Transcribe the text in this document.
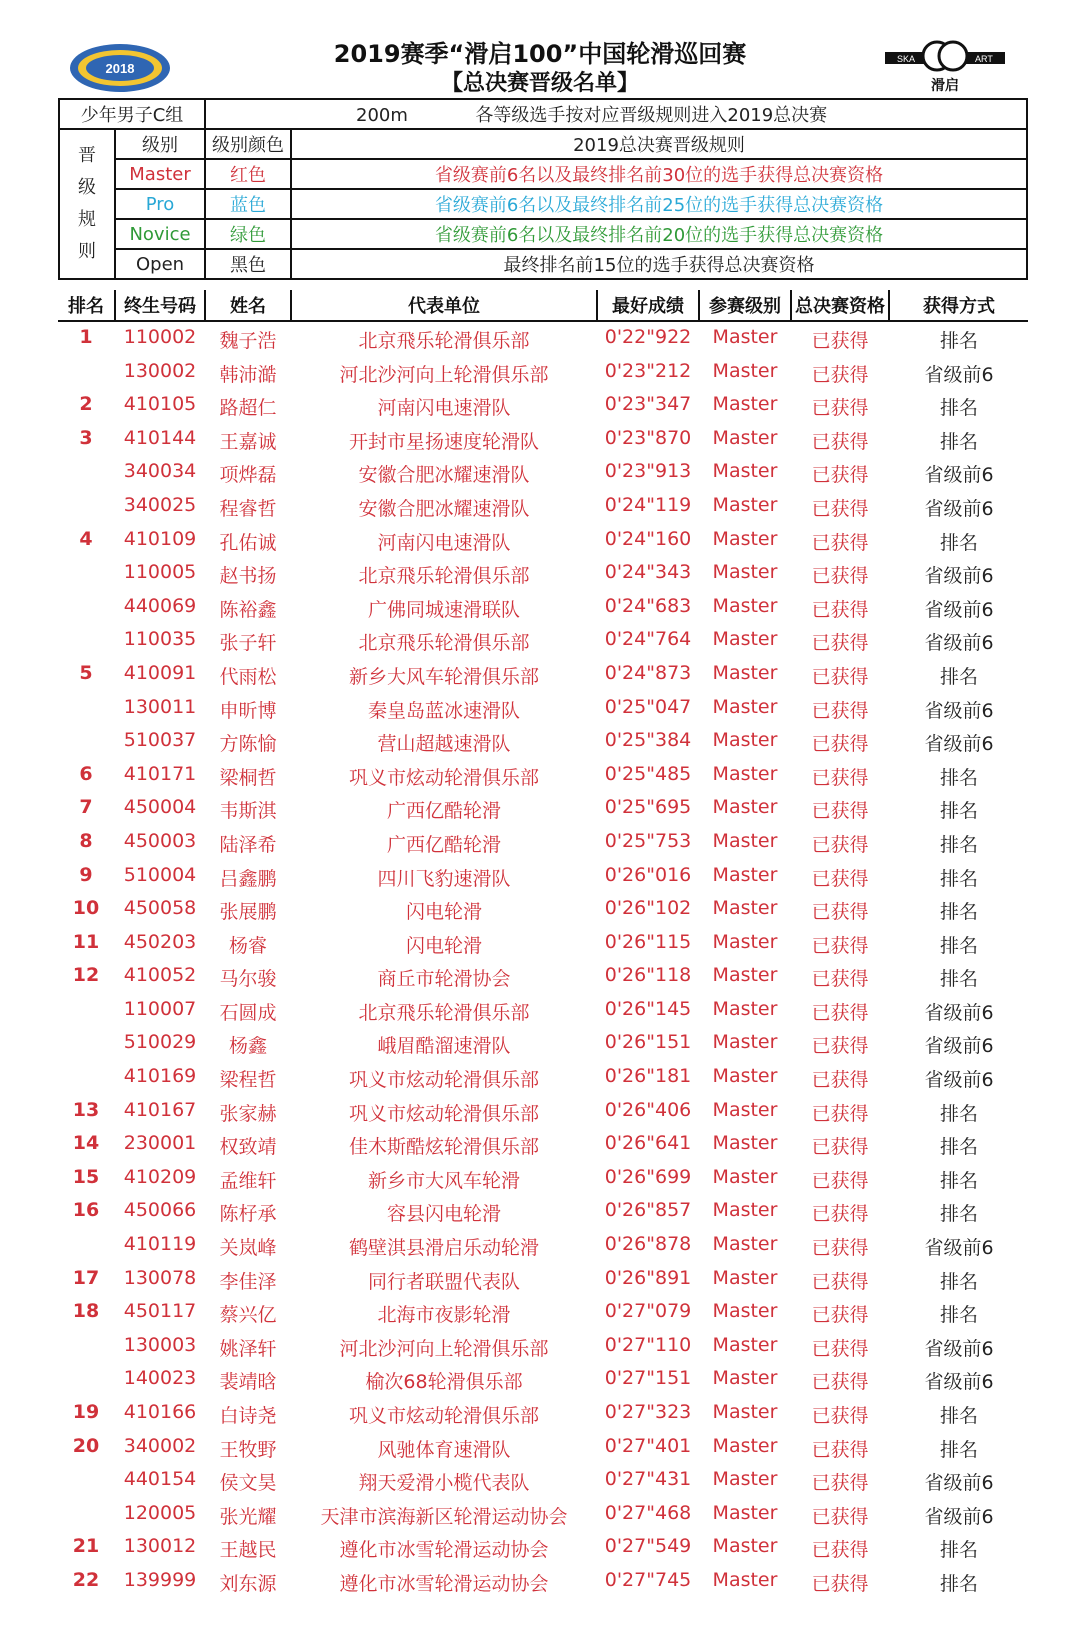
2018
2019赛季“滑启100”中国轮滑巡回赛
【总决赛晋级名单】
SKA	ART
滑启
少年男子C组		200m 各等级选手按对应晋级规则进入2019总决赛	
晋级规则	级别	级别颜色	2019总决赛晋级规则
	Master	红色	省级赛前6名以及最终排名前30位的选手获得总决赛资格
	Pro	蓝色	省级赛前6名以及最终排名前25位的选手获得总决赛资格
	Novice	绿色	省级赛前6名以及最终排名前20位的选手获得总决赛资格
	Open	黑色	最终排名前15位的选手获得总决赛资格
排名	终生号码	姓名	代表单位	最好成绩	参赛级别 总决赛资格	获得方式
1	110002	魏子浩	北京飛乐轮滑俱乐部	0'22"922	Master	已获得	排名
130002	韩沛澔	河北沙河向上轮滑俱乐部	0'23"212	Master	已获得	省级前6
2	410105	路超仁	河南闪电速滑队	0'23"347	Master	已获得	排名
3	410144	王嘉诚	开封市星扬速度轮滑队	0'23"870	Master	已获得	排名
340034	项烨磊	安徽合肥冰耀速滑队	0'23"913	Master	已获得	省级前6
340025	程睿哲	安徽合肥冰耀速滑队	0'24"119	Master	已获得	省级前6
4	410109	孔佑诚	河南闪电速滑队	0'24"160	Master	已获得	排名
110005	赵书扬	北京飛乐轮滑俱乐部	0'24"343	Master	已获得	省级前6
440069	陈裕鑫	广佛同城速滑联队	0'24"683	Master	已获得	省级前6
110035	张子轩	北京飛乐轮滑俱乐部	0'24"764	Master	已获得	省级前6
5	410091	代雨松	新乡大风车轮滑俱乐部	0'24"873	Master	已获得	排名
130011	申昕博	秦皇岛蓝冰速滑队	0'25"047	Master	已获得	省级前6
510037	方陈愉	营山超越速滑队	0'25"384	Master	已获得	省级前6
6	410171	梁桐哲	巩义市炫动轮滑俱乐部	0'25"485	Master	已获得	排名
7	450004	韦斯淇	广西亿酷轮滑	0'25"695	Master	已获得	排名
8	450003	陆泽希	广西亿酷轮滑	0'25"753	Master	已获得	排名
9	510004	吕鑫鹏	四川飞豹速滑队	0'26"016	Master	已获得	排名
10	450058	张展鹏	闪电轮滑	0'26"102	Master	已获得	排名
11	450203	杨睿	闪电轮滑	0'26"115	Master	已获得	排名
12	410052	马尔骏	商丘市轮滑协会	0'26"118	Master	已获得	排名
110007	石圆成	北京飛乐轮滑俱乐部	0'26"145	Master	已获得	省级前6
510029	杨鑫	峨眉酷溜速滑队	0'26"151	Master	已获得	省级前6
410169	梁程哲	巩义市炫动轮滑俱乐部	0'26"181	Master	已获得	省级前6
13	410167	张家赫	巩义市炫动轮滑俱乐部	0'26"406	Master	已获得	排名
14	230001	权致靖	佳木斯酷炫轮滑俱乐部	0'26"641	Master	已获得	排名
15	410209	孟维轩	新乡市大风车轮滑	0'26"699	Master	已获得	排名
16	450066	陈杍承	容县闪电轮滑	0'26"857	Master	已获得	排名
410119	关岚峰	鹤壁淇县滑启乐动轮滑	0'26"878	Master	已获得	省级前6
17	130078	李佳泽	同行者联盟代表队	0'26"891	Master	已获得	排名
18	450117	蔡兴亿	北海市夜影轮滑	0'27"079	Master	已获得	排名
130003	姚泽轩	河北沙河向上轮滑俱乐部	0'27"110	Master	已获得	省级前6
140023	裴靖晗	榆次68轮滑俱乐部	0'27"151	Master	已获得	省级前6
19	410166	白诗尧	巩义市炫动轮滑俱乐部	0'27"323	Master	已获得	排名
20	340002	王牧野	风驰体育速滑队	0'27"401	Master	已获得	排名
440154	侯文昊	翔天爱滑小榄代表队	0'27"431	Master	已获得	省级前6
120005	张光耀	天津市滨海新区轮滑运动协会	0'27"468	Master	已获得	省级前6
21	130012	王越民	遵化市冰雪轮滑运动协会	0'27"549	Master	已获得	排名
22	139999	刘东源	遵化市冰雪轮滑运动协会	0'27"745	Master	已获得	排名
